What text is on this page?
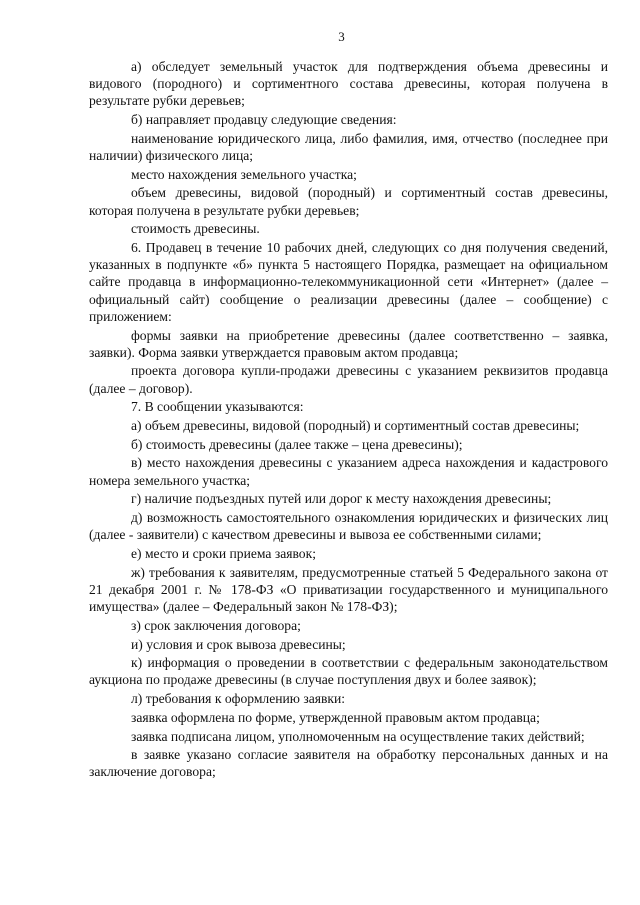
3

а) обследует земельный участок для подтверждения объема древесины и видового (породного) и сортиментного состава древесины, которая получена в результате рубки деревьев;

б) направляет продавцу следующие сведения:

наименование юридического лица, либо фамилия, имя, отчество (последнее при наличии) физического лица;

место нахождения земельного участка;

объем древесины, видовой (породный) и сортиментный состав древесины, которая получена в результате рубки деревьев;

стоимость древесины.

6. Продавец в течение 10 рабочих дней, следующих со дня получения сведений, указанных в подпункте «б» пункта 5 настоящего Порядка, размещает на официальном сайте продавца в информационно-телекоммуникационной сети «Интернет» (далее – официальный сайт) сообщение о реализации древесины (далее – сообщение) с приложением:

формы заявки на приобретение древесины (далее соответственно – заявка, заявки). Форма заявки утверждается правовым актом продавца;

проекта договора купли-продажи древесины с указанием реквизитов продавца (далее – договор).

7. В сообщении указываются:

а) объем древесины, видовой (породный) и сортиментный состав древесины;

б) стоимость древесины (далее также – цена древесины);

в) место нахождения древесины с указанием адреса нахождения и кадастрового номера земельного участка;

г) наличие подъездных путей или дорог к месту нахождения древесины;

д) возможность самостоятельного ознакомления юридических и физических лиц (далее - заявители) с качеством древесины и вывоза ее собственными силами;

е) место и сроки приема заявок;

ж) требования к заявителям, предусмотренные статьей 5 Федерального закона от 21 декабря 2001 г. № 178-ФЗ «О приватизации государственного и муниципального имущества» (далее – Федеральный закон № 178-ФЗ);

з) срок заключения договора;

и) условия и срок вывоза древесины;

к) информация о проведении в соответствии с федеральным законодательством аукциона по продаже древесины (в случае поступления двух и более заявок);

л) требования к оформлению заявки:

заявка оформлена по форме, утвержденной правовым актом продавца;

заявка подписана лицом, уполномоченным на осуществление таких действий;

в заявке указано согласие заявителя на обработку персональных данных и на заключение договора;
